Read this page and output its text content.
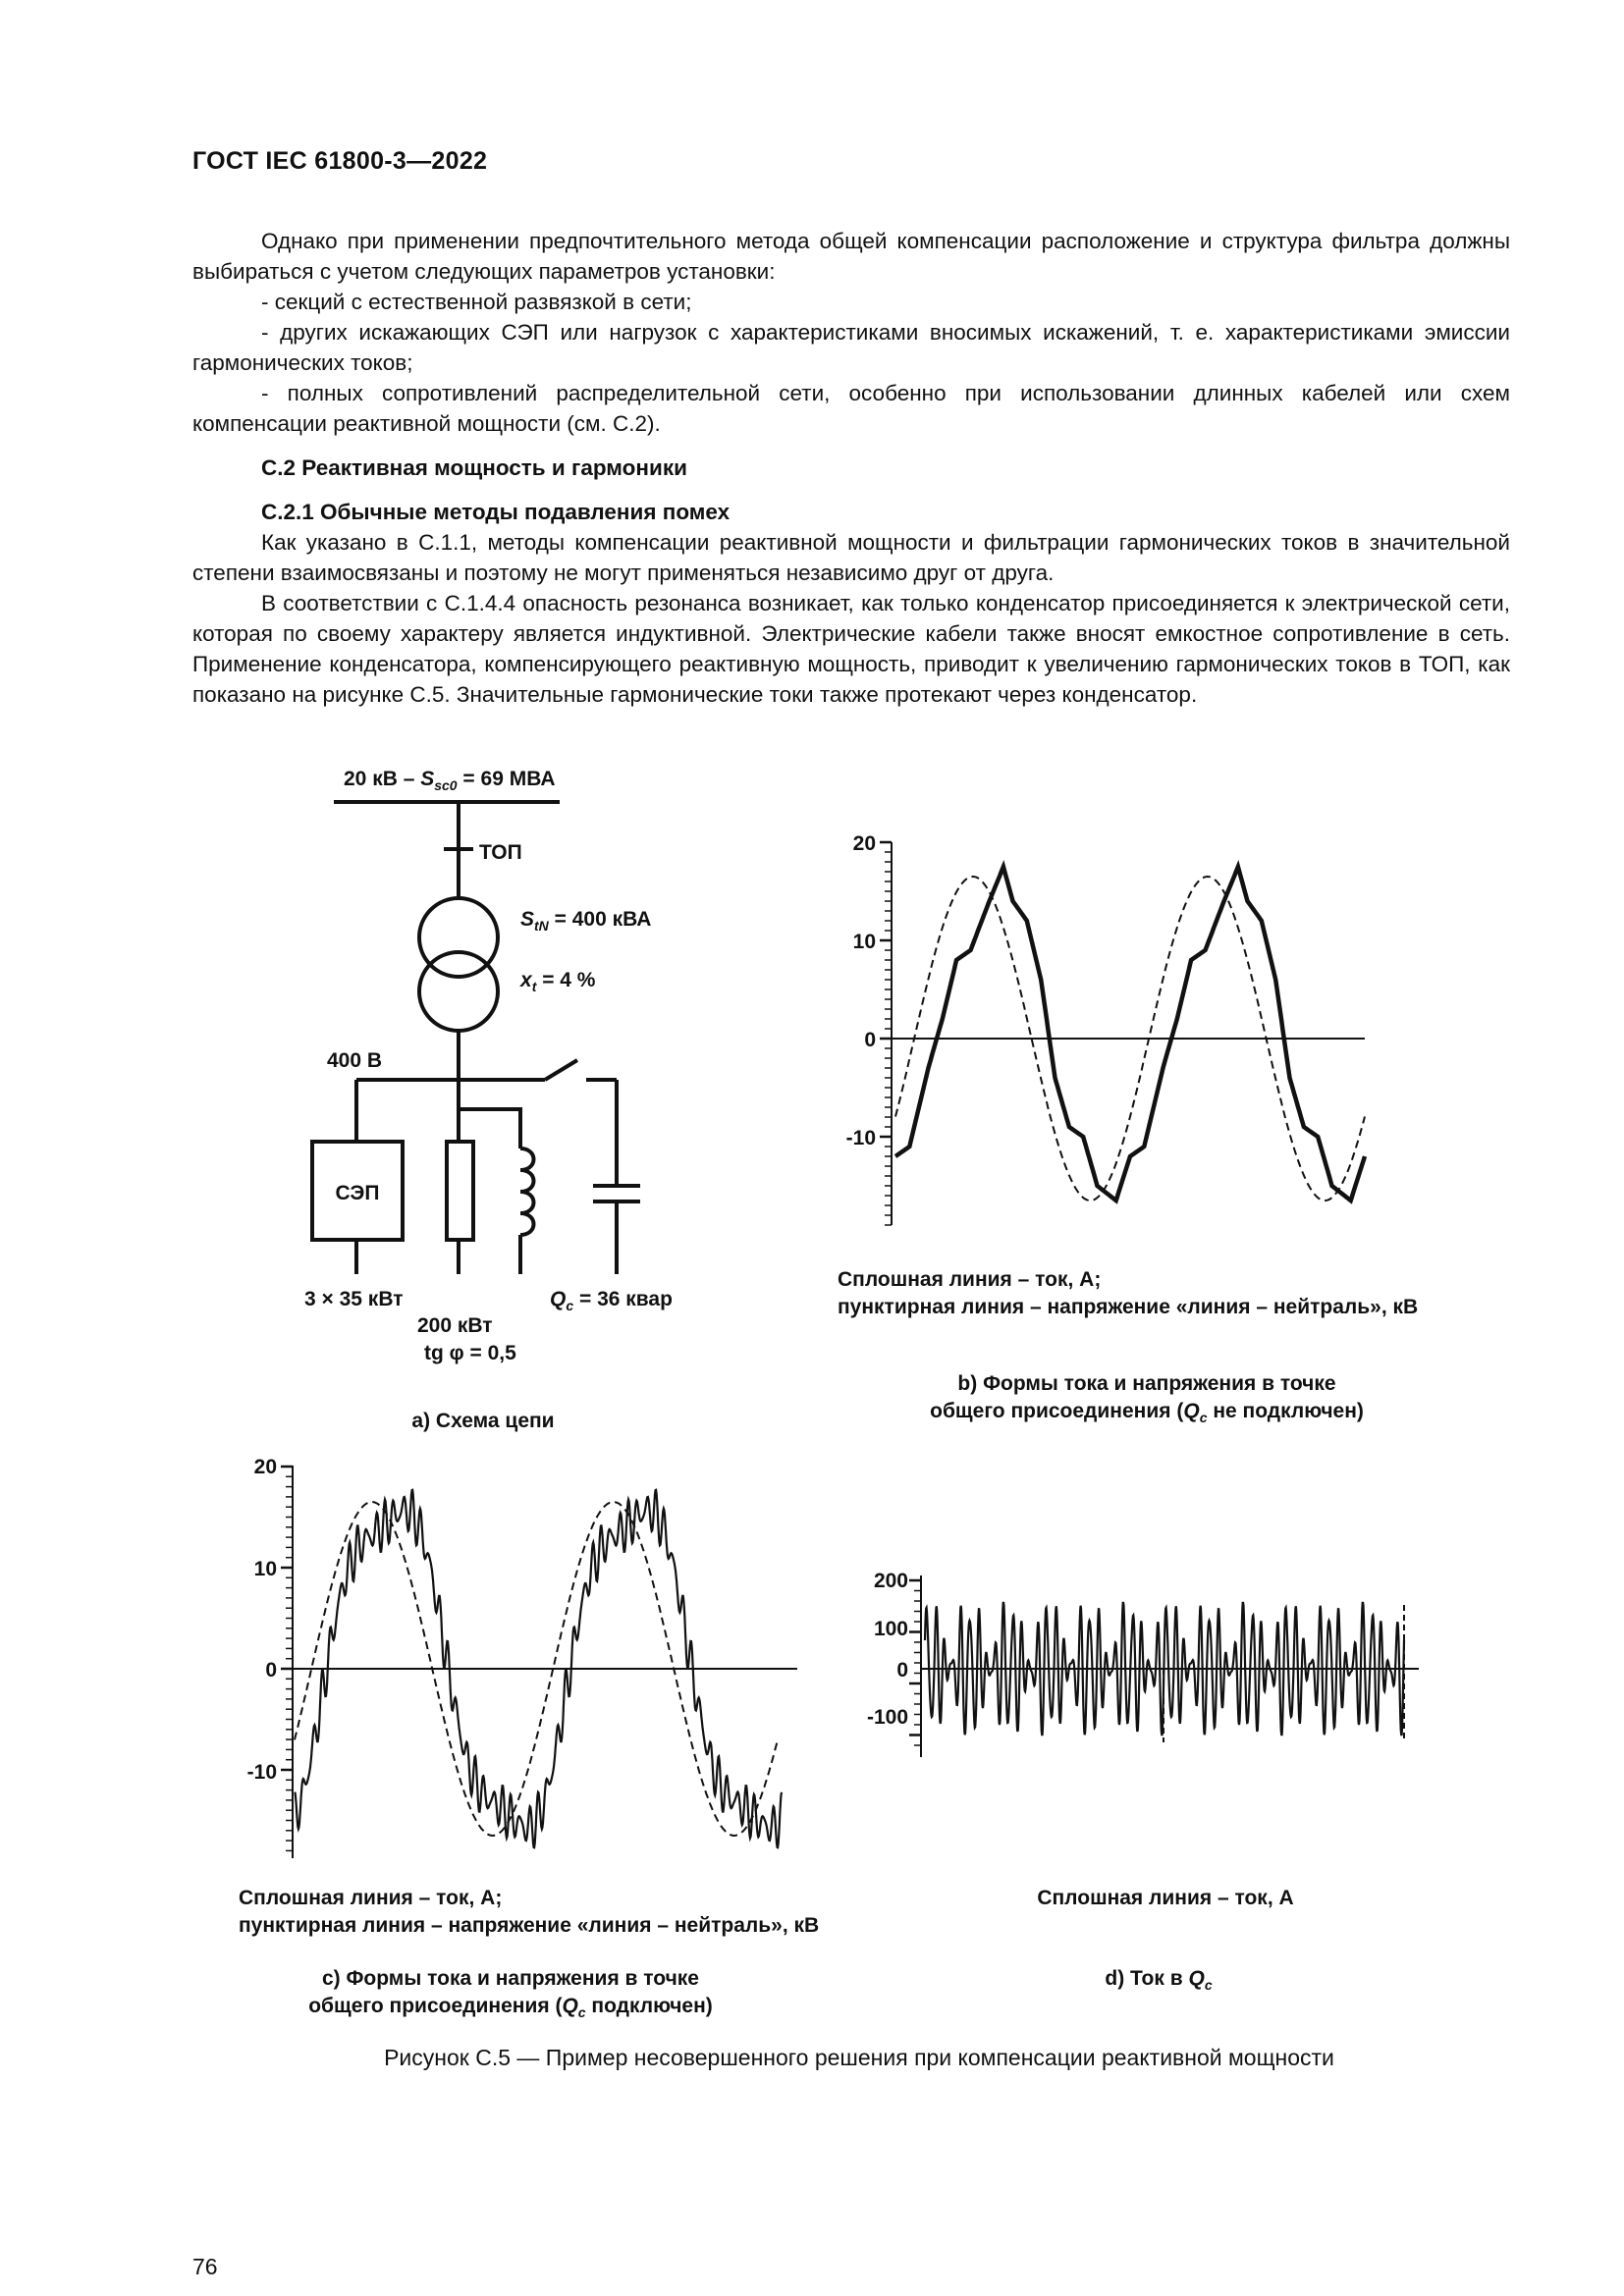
ГОСТ IEC 61800-3—2022

Однако при применении предпочтительного метода общей компенсации расположение и структура фильтра должны выбираться с учетом следующих параметров установки:

- секций с естественной развязкой в сети;

- других искажающих СЭП или нагрузок с характеристиками вносимых искажений, т. е. характеристиками эмиссии гармонических токов;

- полных сопротивлений распределительной сети, особенно при использовании длинных кабелей или схем компенсации реактивной мощности (см. С.2).

С.2 Реактивная мощность и гармоники

С.2.1 Обычные методы подавления помех

Как указано в С.1.1, методы компенсации реактивной мощности и фильтрации гармонических токов в значительной степени взаимосвязаны и поэтому не могут применяться независимо друг от друга.

В соответствии с С.1.4.4 опасность резонанса возникает, как только конденсатор присоединяется к электрической сети, которая по своему характеру является индуктивной. Электрические кабели также вносят емкостное сопротивление в сеть. Применение конденсатора, компенсирующего реактивную мощность, приводит к увеличению гармонических токов в ТОП, как показано на рисунке С.5. Значительные гармонические токи также протекают через конденсатор.

20 кВ – $S_{sc0} = 69$ МВА
ТОП
$S_{tN} = 400$ кВА
$x_t = 4$ %
400 В
СЭП
3 × 35 кВт
200 кВт
tg φ = 0,5
$Q_c = 36$ квар
а) Схема цепи
20
10
0
-10
Сплошная линия – ток, А;
пунктирная линия – напряжение «линия – нейтраль», кВ
b) Формы тока и напряжения в точке
общего присоединения ($Q_c$ не подключен)
20
10
0
-10
Сплошная линия – ток, А;
пунктирная линия – напряжение «линия – нейтраль», кВ
с) Формы тока и напряжения в точке
общего присоединения ($Q_c$ подключен)
200
100
0
-100
Сплошная линия – ток, А
d) Ток в $Q_c$
Рисунок С.5 — Пример несовершенного решения при компенсации реактивной мощности
76
